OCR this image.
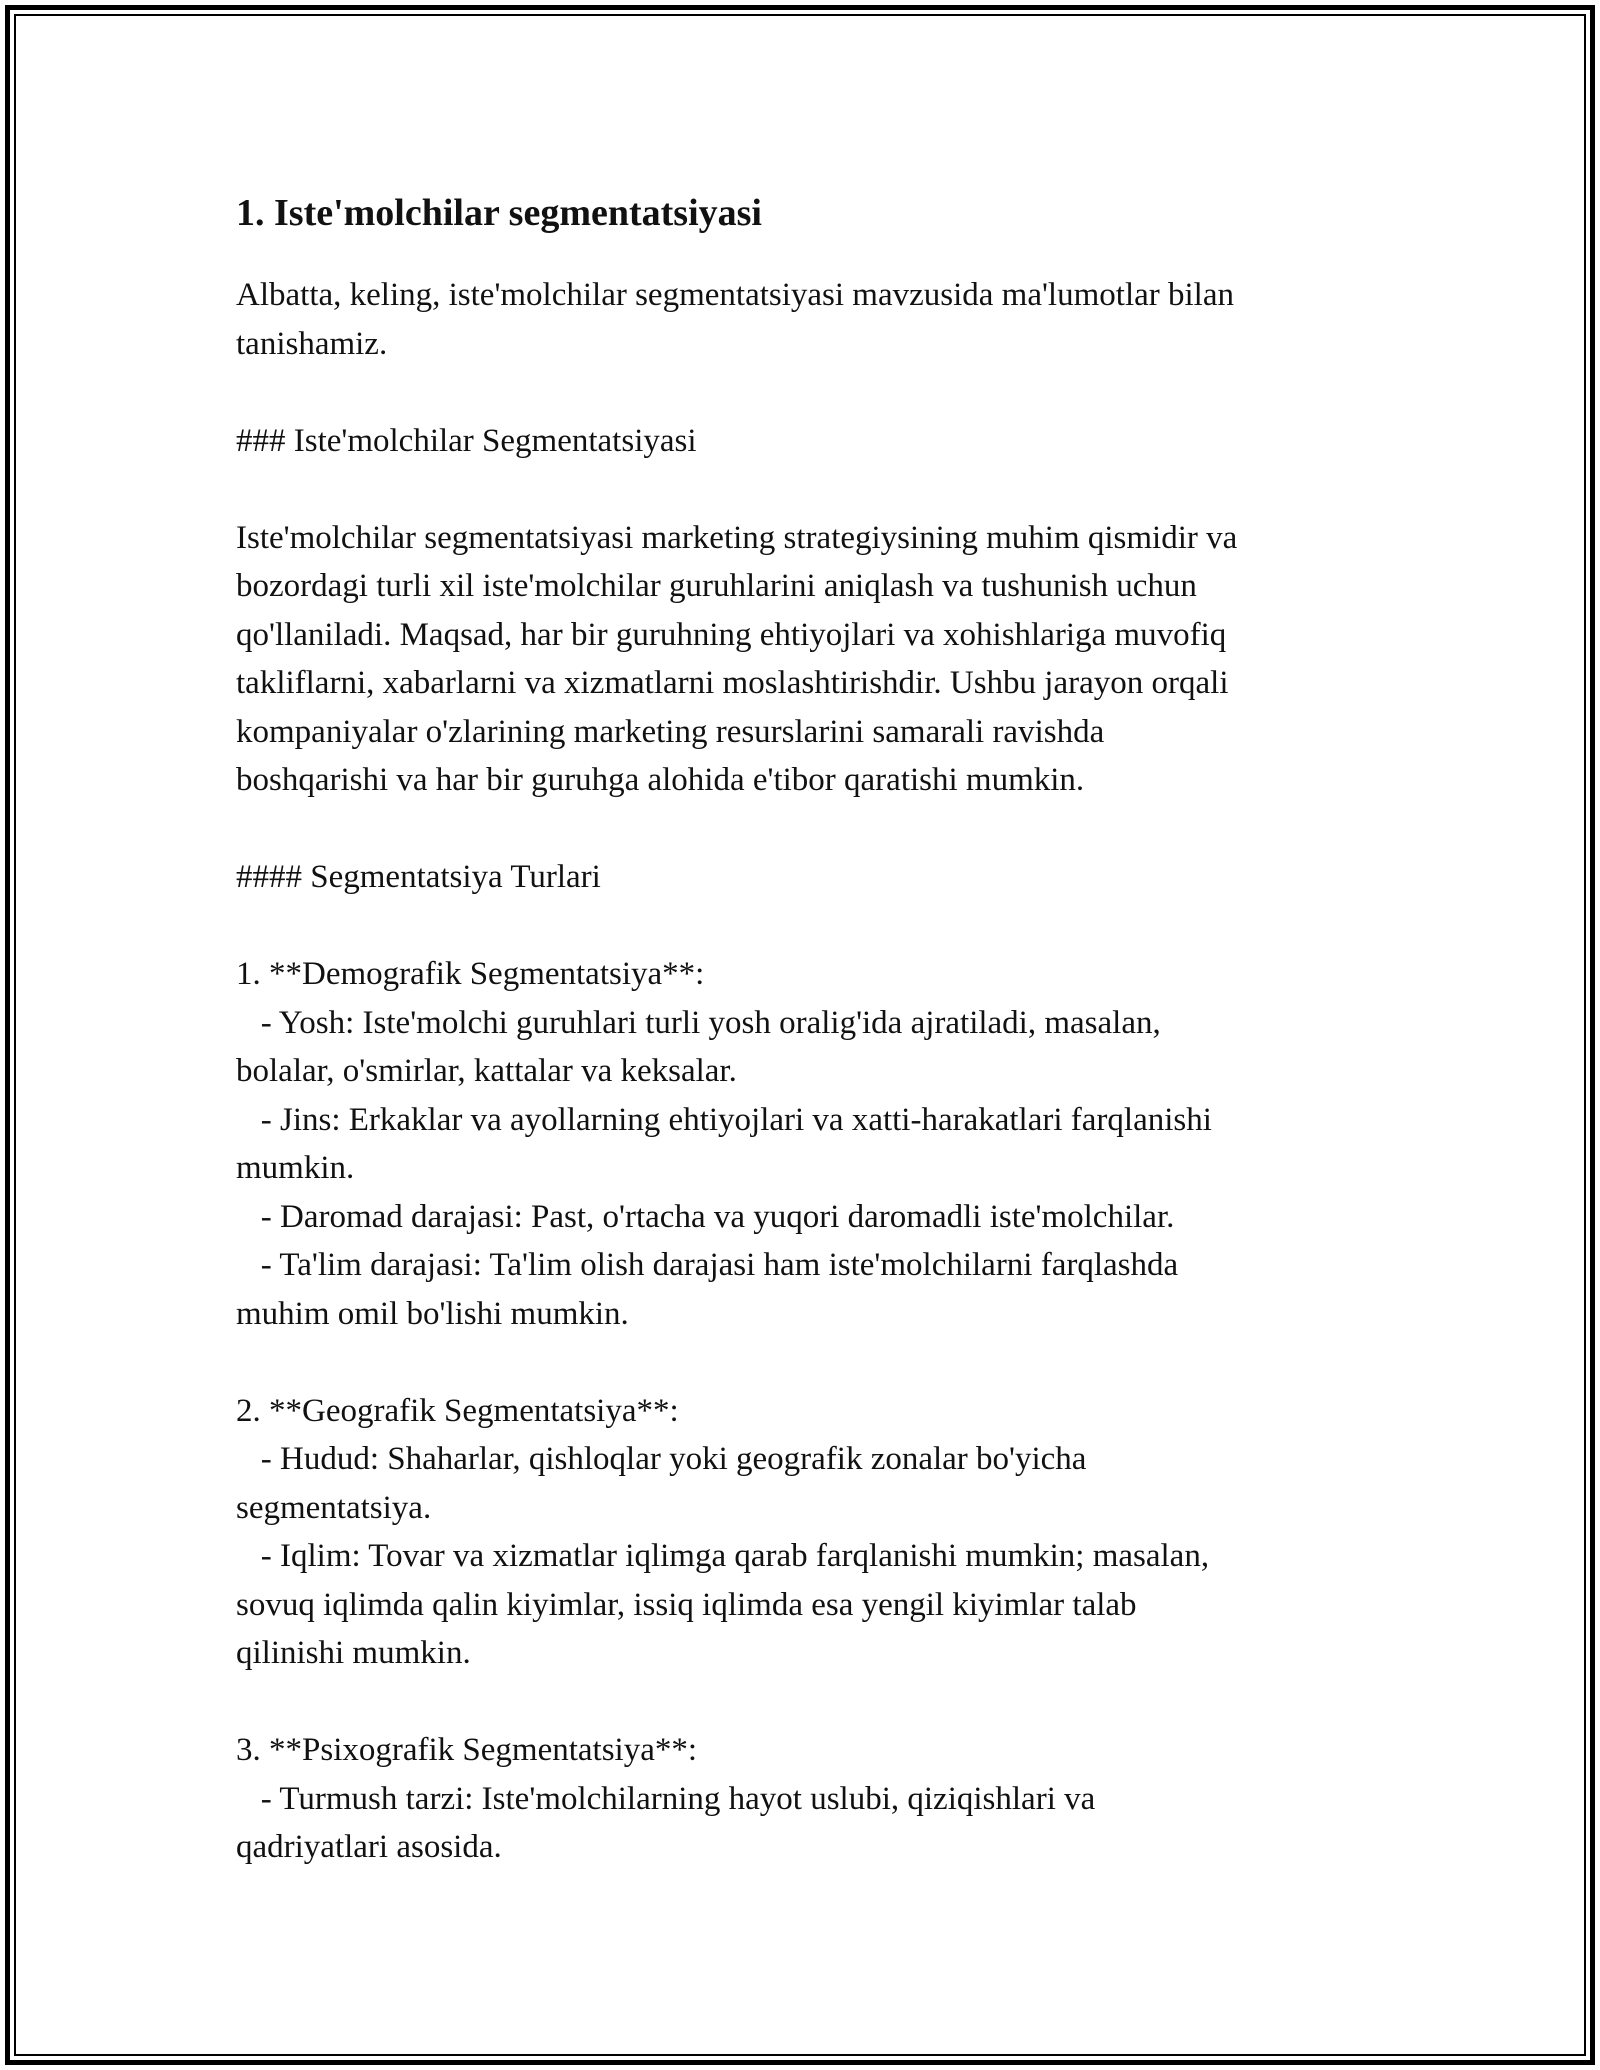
1. Iste'molchilar segmentatsiyasi

Albatta, keling, iste'molchilar segmentatsiyasi mavzusida ma'lumotlar bilan

tanishamiz.

### Iste'molchilar Segmentatsiyasi

Iste'molchilar segmentatsiyasi marketing strategiysining muhim qismidir va

bozordagi turli xil iste'molchilar guruhlarini aniqlash va tushunish uchun

qo'llaniladi. Maqsad, har bir guruhning ehtiyojlari va xohishlariga muvofiq

takliflarni, xabarlarni va xizmatlarni moslashtirishdir. Ushbu jarayon orqali

kompaniyalar o'zlarining marketing resurslarini samarali ravishda

boshqarishi va har bir guruhga alohida e'tibor qaratishi mumkin.

#### Segmentatsiya Turlari

1. **Demografik Segmentatsiya**:

- Yosh: Iste'molchi guruhlari turli yosh oralig'ida ajratiladi, masalan,

bolalar, o'smirlar, kattalar va keksalar.

- Jins: Erkaklar va ayollarning ehtiyojlari va xatti-harakatlari farqlanishi

mumkin.

- Daromad darajasi: Past, o'rtacha va yuqori daromadli iste'molchilar.

- Ta'lim darajasi: Ta'lim olish darajasi ham iste'molchilarni farqlashda

muhim omil bo'lishi mumkin.

2. **Geografik Segmentatsiya**:

- Hudud: Shaharlar, qishloqlar yoki geografik zonalar bo'yicha

segmentatsiya.

- Iqlim: Tovar va xizmatlar iqlimga qarab farqlanishi mumkin; masalan,

sovuq iqlimda qalin kiyimlar, issiq iqlimda esa yengil kiyimlar talab

qilinishi mumkin.

3. **Psixografik Segmentatsiya**:

- Turmush tarzi: Iste'molchilarning hayot uslubi, qiziqishlari va

qadriyatlari asosida.
